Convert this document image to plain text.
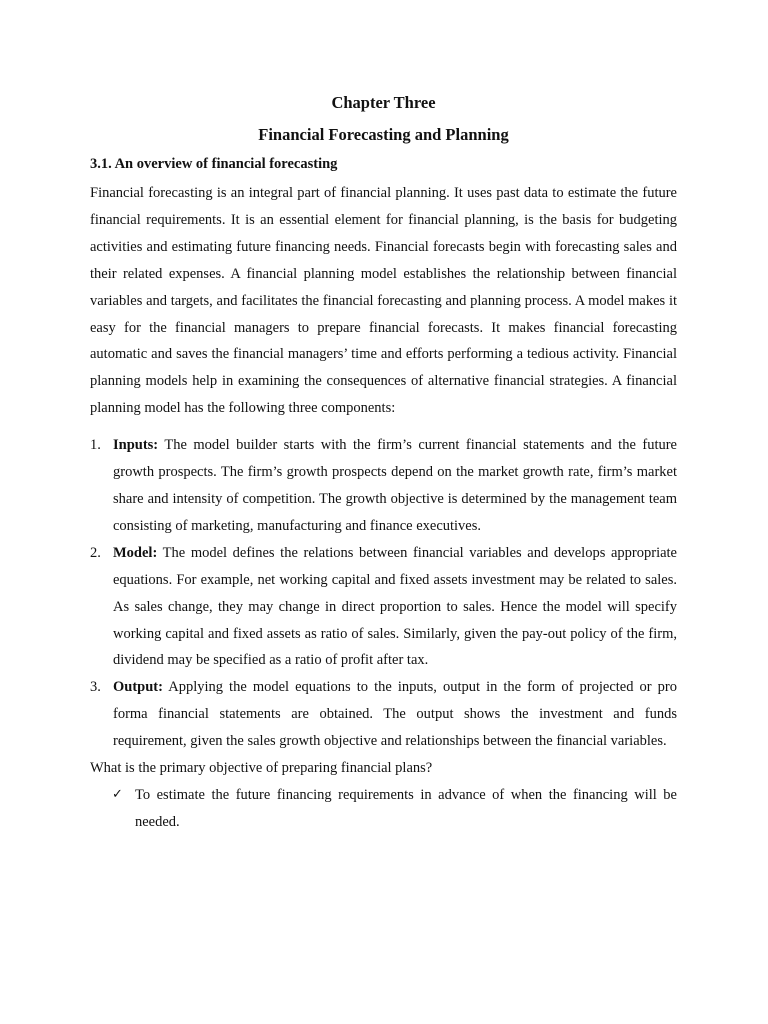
Chapter Three
Financial Forecasting and Planning
3.1. An overview of financial forecasting

Financial forecasting is an integral part of financial planning. It uses past data to estimate the future financial requirements. It is an essential element for financial planning, is the basis for budgeting activities and estimating future financing needs. Financial forecasts begin with forecasting sales and their related expenses. A financial planning model establishes the relationship between financial variables and targets, and facilitates the financial forecasting and planning process. A model makes it easy for the financial managers to prepare financial forecasts. It makes financial forecasting automatic and saves the financial managers’ time and efforts performing a tedious activity. Financial planning models help in examining the consequences of alternative financial strategies. A financial planning model has the following three components:

1. Inputs: The model builder starts with the firm’s current financial statements and the future growth prospects. The firm’s growth prospects depend on the market growth rate, firm’s market share and intensity of competition. The growth objective is determined by the management team consisting of marketing, manufacturing and finance executives.
2. Model: The model defines the relations between financial variables and develops appropriate equations. For example, net working capital and fixed assets investment may be related to sales. As sales change, they may change in direct proportion to sales. Hence the model will specify working capital and fixed assets as ratio of sales. Similarly, given the pay-out policy of the firm, dividend may be specified as a ratio of profit after tax.
3. Output: Applying the model equations to the inputs, output in the form of projected or pro forma financial statements are obtained. The output shows the investment and funds requirement, given the sales growth objective and relationships between the financial variables.

What is the primary objective of preparing financial plans?

✓ To estimate the future financing requirements in advance of when the financing will be needed.
